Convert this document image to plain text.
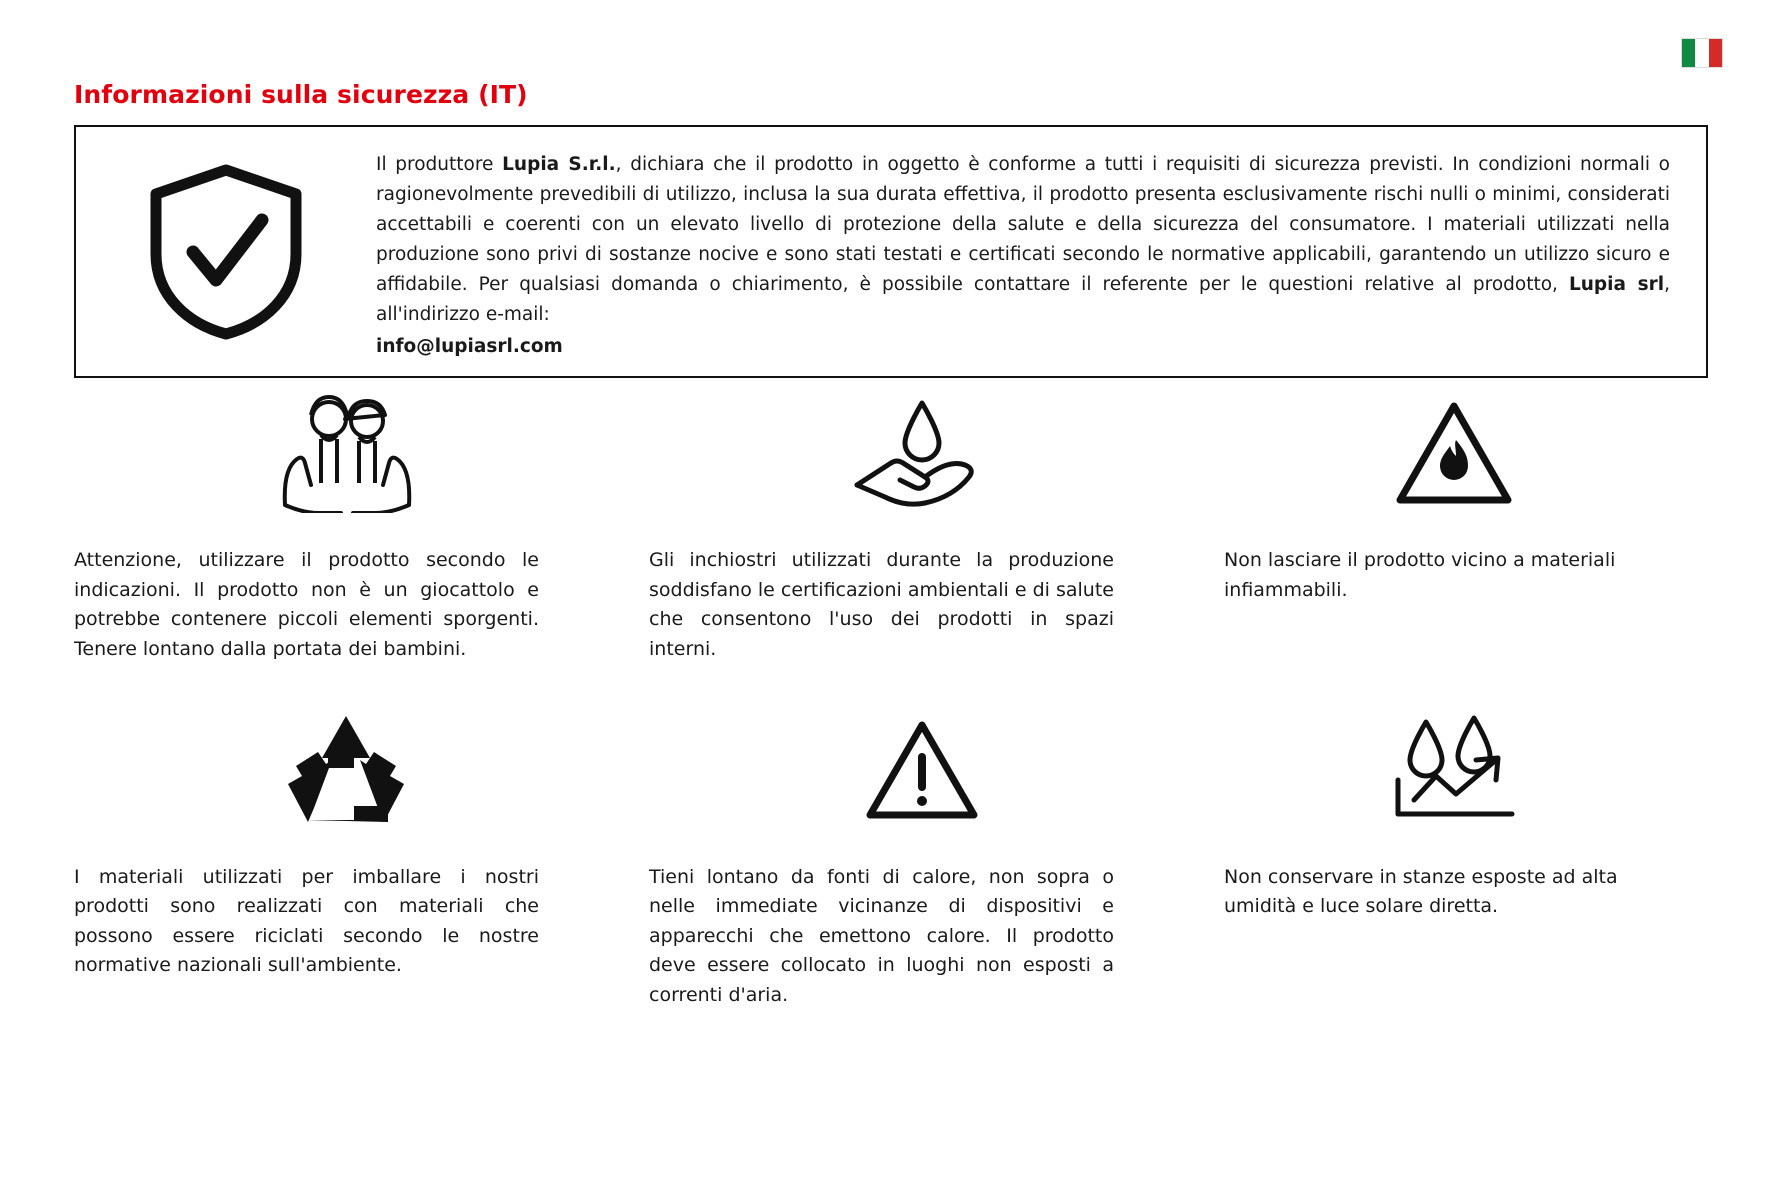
Informazioni sulla sicurezza (IT)
Il produttore Lupia S.r.l., dichiara che il prodotto in oggetto è conforme a tutti i requisiti di sicurezza previsti. In condizioni normali o ragionevolmente prevedibili di utilizzo, inclusa la sua durata effettiva, il prodotto presenta esclusivamente rischi nulli o minimi, considerati accettabili e coerenti con un elevato livello di protezione della salute e della sicurezza del consumatore. I materiali utilizzati nella produzione sono privi di sostanze nocive e sono stati testati e certificati secondo le normative applicabili, garantendo un utilizzo sicuro e affidabile. Per qualsiasi domanda o chiarimento, è possibile contattare il referente per le questioni relative al prodotto, Lupia srl, all'indirizzo e-mail:
info@lupiasrl.com
Attenzione, utilizzare il prodotto secondo le indicazioni. Il prodotto non è un giocattolo e potrebbe contenere piccoli elementi sporgenti. Tenere lontano dalla portata dei bambini.
Gli inchiostri utilizzati durante la produzione soddisfano le certificazioni ambientali e di salute che consentono l'uso dei prodotti in spazi interni.
Non lasciare il prodotto vicino a materiali infiammabili.
I materiali utilizzati per imballare i nostri prodotti sono realizzati con materiali che possono essere riciclati secondo le nostre normative nazionali sull'ambiente.
Tieni lontano da fonti di calore, non sopra o nelle immediate vicinanze di dispositivi e apparecchi che emettono calore. Il prodotto deve essere collocato in luoghi non esposti a correnti d'aria.
Non conservare in stanze esposte ad alta umidità e luce solare diretta.
